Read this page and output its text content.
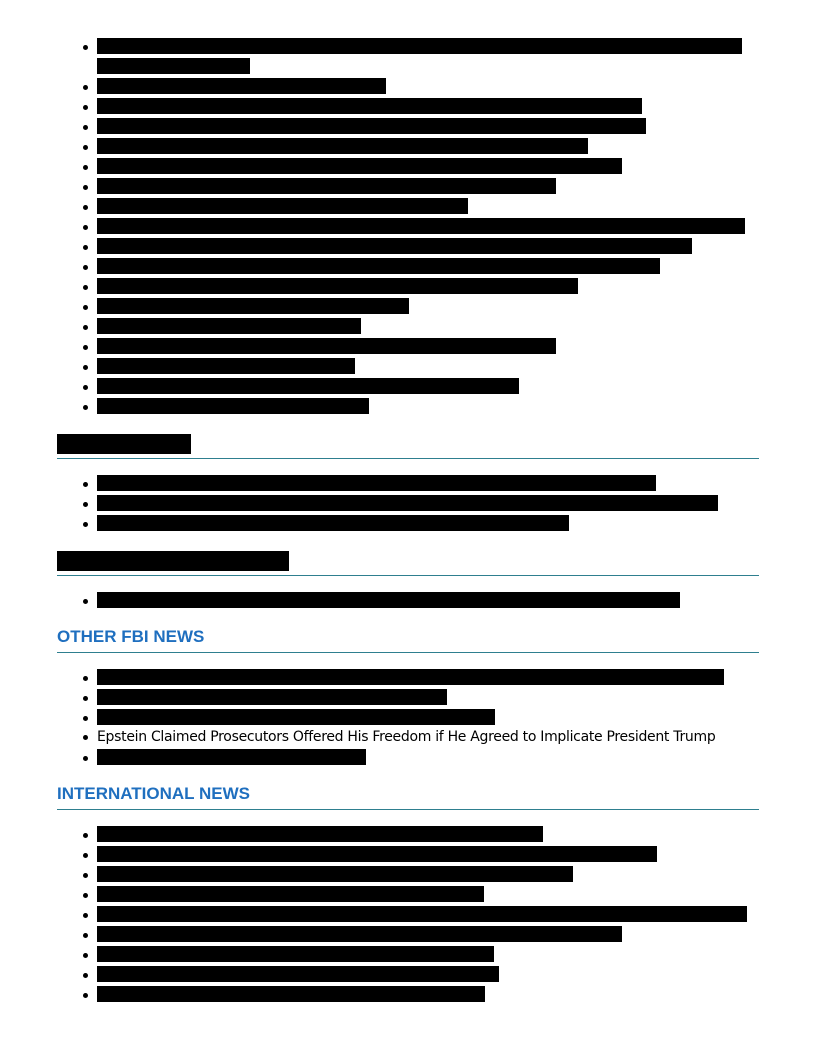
OTHER FBI NEWS
Epstein Claimed Prosecutors Offered His Freedom if He Agreed to Implicate President Trump
INTERNATIONAL NEWS
